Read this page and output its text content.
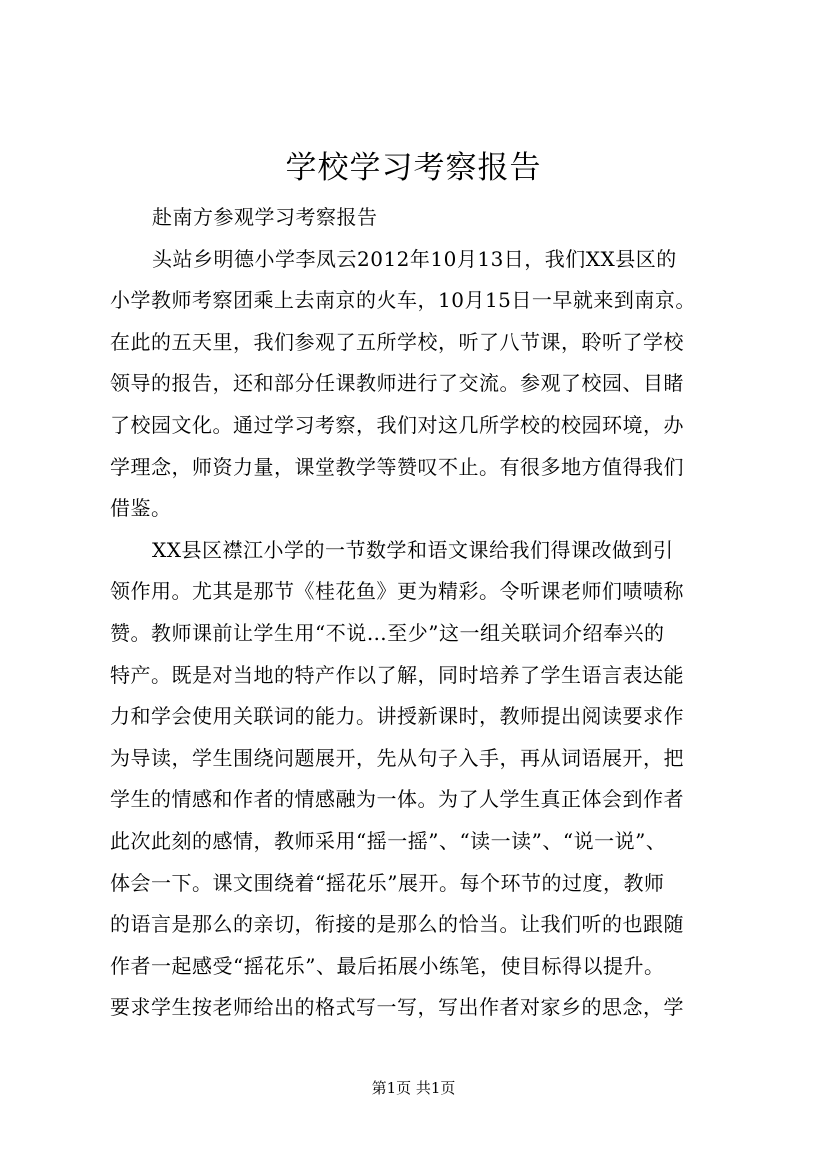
学校学习考察报告
赴南方参观学习考察报告
头站乡明德小学李凤云2012年10月13日，我们XX县区的
小学教师考察团乘上去南京的火车，10月15日一早就来到南京。
在此的五天里，我们参观了五所学校，听了八节课，聆听了学校
领导的报告，还和部分任课教师进行了交流。参观了校园、目睹
了校园文化。通过学习考察，我们对这几所学校的校园环境，办
学理念，师资力量，课堂教学等赞叹不止。有很多地方值得我们
借鉴。
XX县区襟江小学的一节数学和语文课给我们得课改做到引
领作用。尤其是那节《桂花鱼》更为精彩。令听课老师们啧啧称
赞。教师课前让学生用“不说…至少”这一组关联词介绍奉兴的
特产。既是对当地的特产作以了解，同时培养了学生语言表达能
力和学会使用关联词的能力。讲授新课时，教师提出阅读要求作
为导读，学生围绕问题展开，先从句子入手，再从词语展开，把
学生的情感和作者的情感融为一体。为了人学生真正体会到作者
此次此刻的感情，教师采用“摇一摇”、“读一读”、“说一说”、
体会一下。课文围绕着“摇花乐”展开。每个环节的过度，教师
的语言是那么的亲切，衔接的是那么的恰当。让我们听的也跟随
作者一起感受“摇花乐”、最后拓展小练笔，使目标得以提升。
要求学生按老师给出的格式写一写，写出作者对家乡的思念，学
第1页 共1页
